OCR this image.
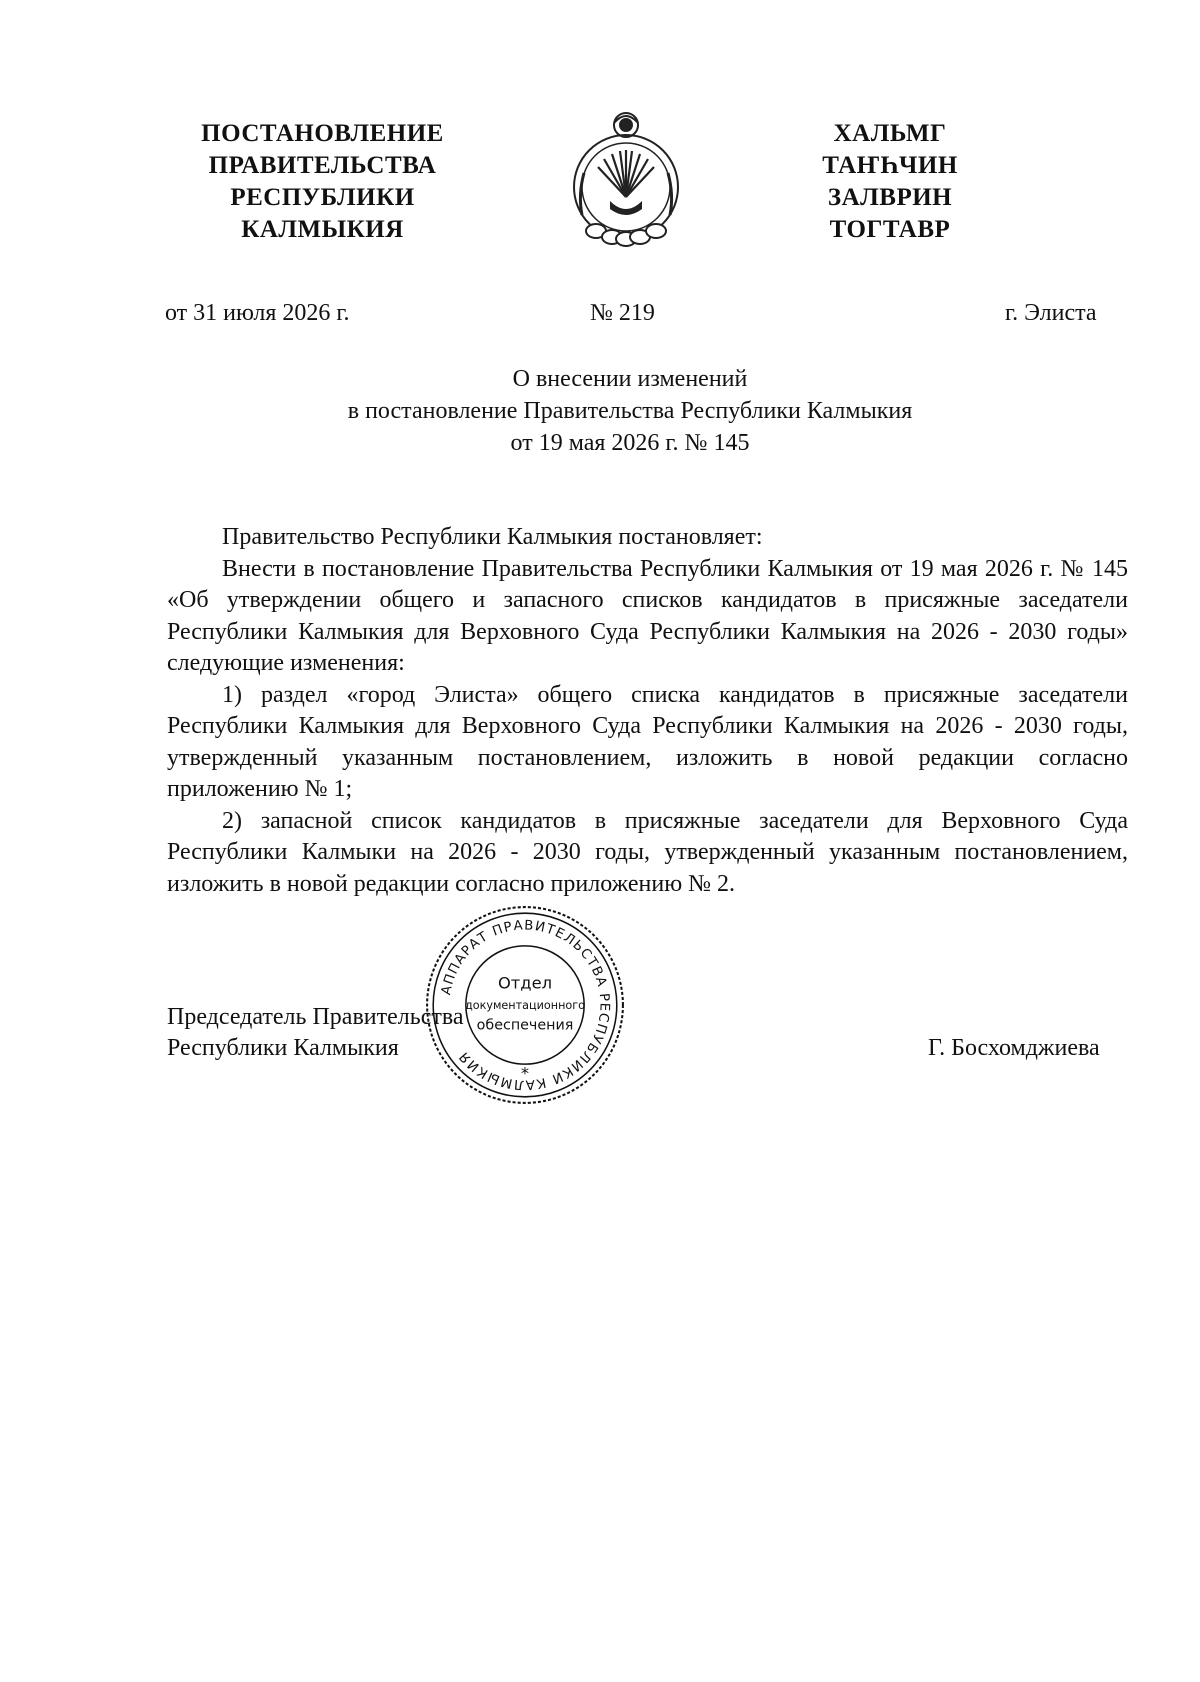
ПОСТАНОВЛЕНИЕ
ПРАВИТЕЛЬСТВА
РЕСПУБЛИКИ
КАЛМЫКИЯ
ХАЛЬМГ
ТАҤҺЧИН
ЗАЛВРИН
ТОГТАВР
от 31 июля 2026 г.	№ 219	г. Элиста
О внесении изменений
в постановление Правительства Республики Калмыкия
от 19 мая 2026 г. № 145

Правительство Республики Калмыкия постановляет:

Внести в постановление Правительства Республики Калмыкия от 19 мая 2026 г. № 145 «Об утверждении общего и запасного списков кандидатов в присяжные заседатели Республики Калмыкия для Верховного Суда Республики Калмыкия на 2026 - 2030 годы» следующие изменения:

1) раздел «город Элиста» общего списка кандидатов в присяжные заседатели Республики Калмыкия для Верховного Суда Республики Калмыкия на 2026 - 2030 годы, утвержденный указанным постановлением, изложить в новой редакции согласно приложению № 1;

2) запасной список кандидатов в присяжные заседатели для Верховного Суда Республики Калмыки на 2026 - 2030 годы, утвержденный указанным постановлением, изложить в новой редакции согласно приложению № 2.

Председатель Правительства
Республики Калмыкия	Г. Босхомджиева
АППАРАТ ПРАВИТЕЛЬСТВА РЕСПУБЛИКИ КАЛМЫКИЯ
Отдел
документационного
обеспечения
*
